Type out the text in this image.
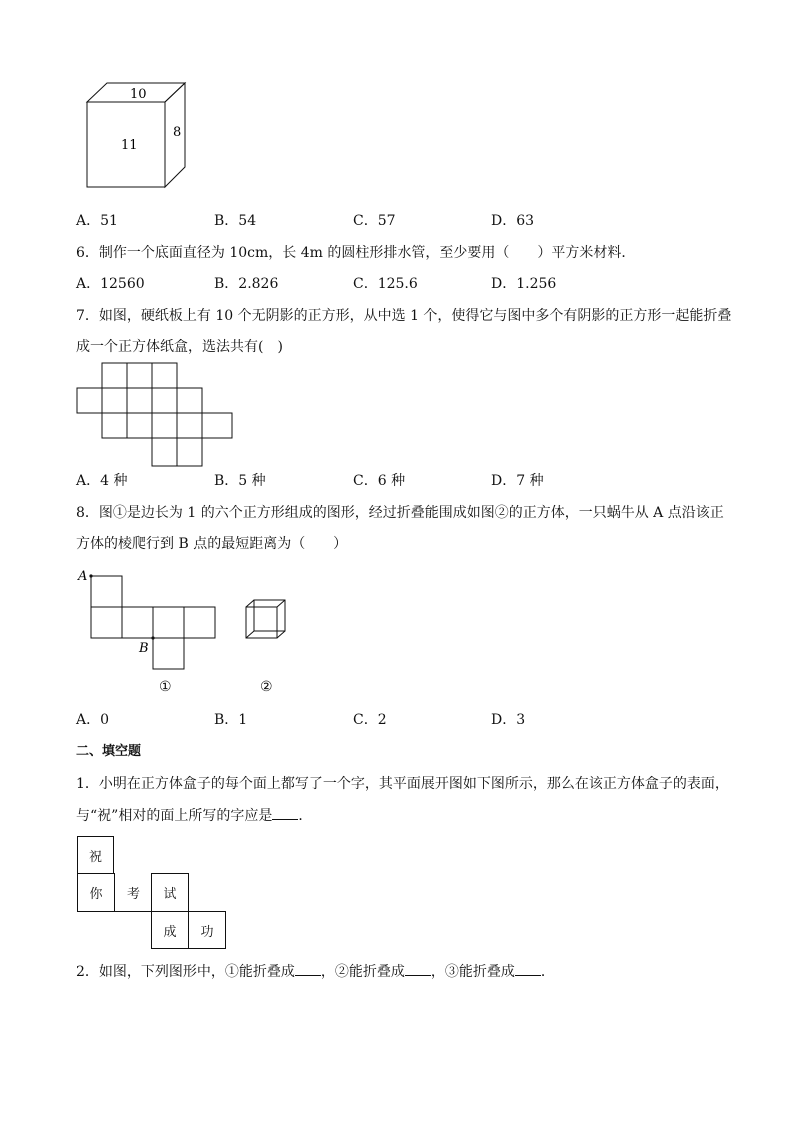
10
11
8
A．51	B．54	C．57	D．63
6．制作一个底面直径为 10cm，长 4m 的圆柱形排水管，至少要用（　　）平方米材料．
A．12560	B．2.826	C．125.6	D．1.256
7．如图，硬纸板上有 10 个无阴影的正方形，从中选 1 个，使得它与图中多个有阴影的正方形一起能折叠
成一个正方体纸盒，选法共有(　)
A．4 种	B．5 种	C．6 种	D．7 种
8．图①是边长为 1 的六个正方形组成的图形，经过折叠能围成如图②的正方体，一只蜗牛从 A 点沿该正
方体的棱爬行到 B 点的最短距离为（　　）
A
B
①	②
A．0	B．1	C．2	D．3
二、填空题
1．小明在正方体盒子的每个面上都写了一个字，其平面展开图如下图所示，那么在该正方体盒子的表面，
与“祝”相对的面上所写的字应是 ．
祝
你	考	试
成	功
2．如图，下列图形中，①能折叠成 ，②能折叠成 ，③能折叠成 ．
